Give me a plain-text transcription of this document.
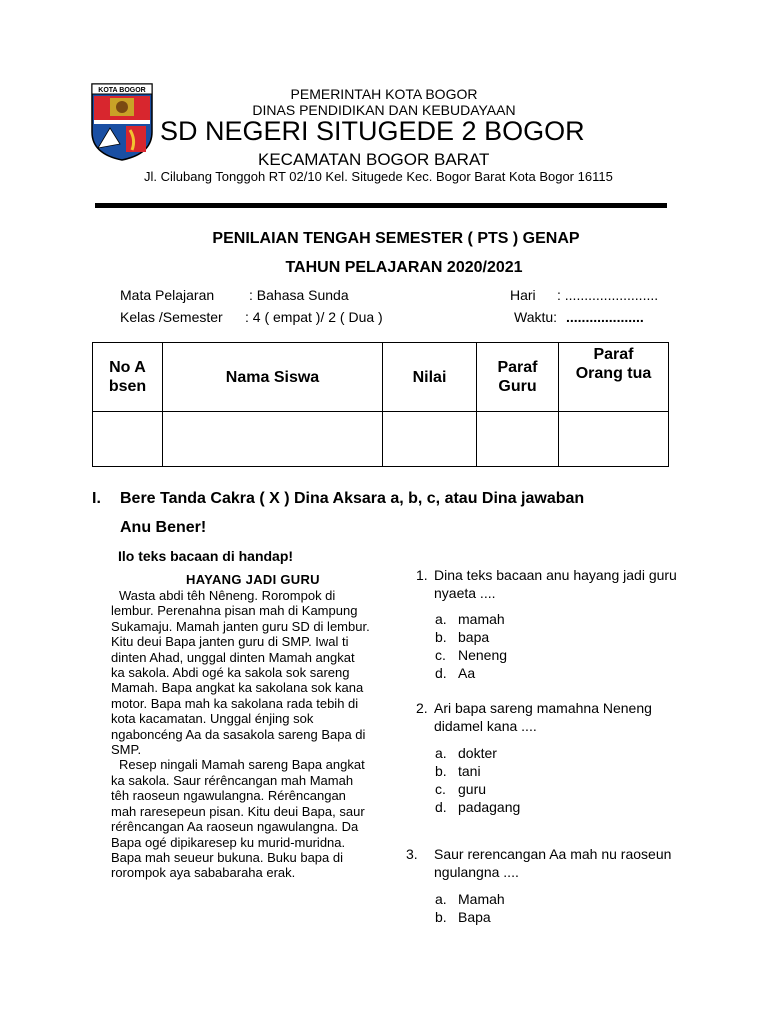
KOTA BOGOR	PEMERINTAH KOTA BOGOR
DINAS PENDIDIKAN DAN KEBUDAYAAN
SD NEGERI SITUGEDE 2 BOGOR
KECAMATAN BOGOR BARAT
Jl. Cilubang Tonggoh RT 02/10 Kel. Situgede Kec. Bogor Barat Kota Bogor 16115
PENILAIAN TENGAH SEMESTER ( PTS ) GENAP
TAHUN PELAJARAN 2020/2021
Mata Pelajaran : Bahasa Sunda	Hari : ........................
Kelas /Semester : 4 ( empat )/ 2 ( Dua )	Waktu: ....................
No Absen	Nama Siswa	Nilai	Paraf Guru	Paraf Orang tua

I. Bere Tanda Cakra ( X ) Dina Aksara a, b, c, atau Dina jawaban
Anu Bener!
Ilo teks bacaan di handap!
HAYANG JADI GURU

Wasta abdi têh Nêneng. Rorompok di lembur. Perenahna pisan mah di Kampung Sukamaju. Mamah janten guru SD di lembur. Kitu deui Bapa janten guru di SMP. Iwal ti dinten Ahad, unggal dinten Mamah angkat ka sakola. Abdi ogé ka sakola sok sareng Mamah. Bapa angkat ka sakolana sok kana motor. Bapa mah ka sakolana rada tebih di kota kacamatan. Unggal énjing sok ngaboncéng Aa da sasakola sareng Bapa di SMP.

Resep ningali Mamah sareng Bapa angkat ka sakola. Saur rérêncangan mah Mamah têh raoseun ngawulangna. Rérêncangan mah raresepeun pisan. Kitu deui Bapa, saur rérêncangan Aa raoseun ngawulangna. Da Bapa ogé dipikaresep ku murid-muridna. Bapa mah seueur bukuna. Buku bapa di rorompok aya sababaraha erak.

1. Dina teks bacaan anu hayang jadi guru nyaeta ....
a. mamah
b. bapa
c. Neneng
d. Aa
2. Ari bapa sareng mamahna Neneng didamel kana ....
a. dokter
b. tani
c. guru
d. padagang
3. Saur rerencangan Aa mah nu raoseun ngulangna ....
a. Mamah
b. Bapa
